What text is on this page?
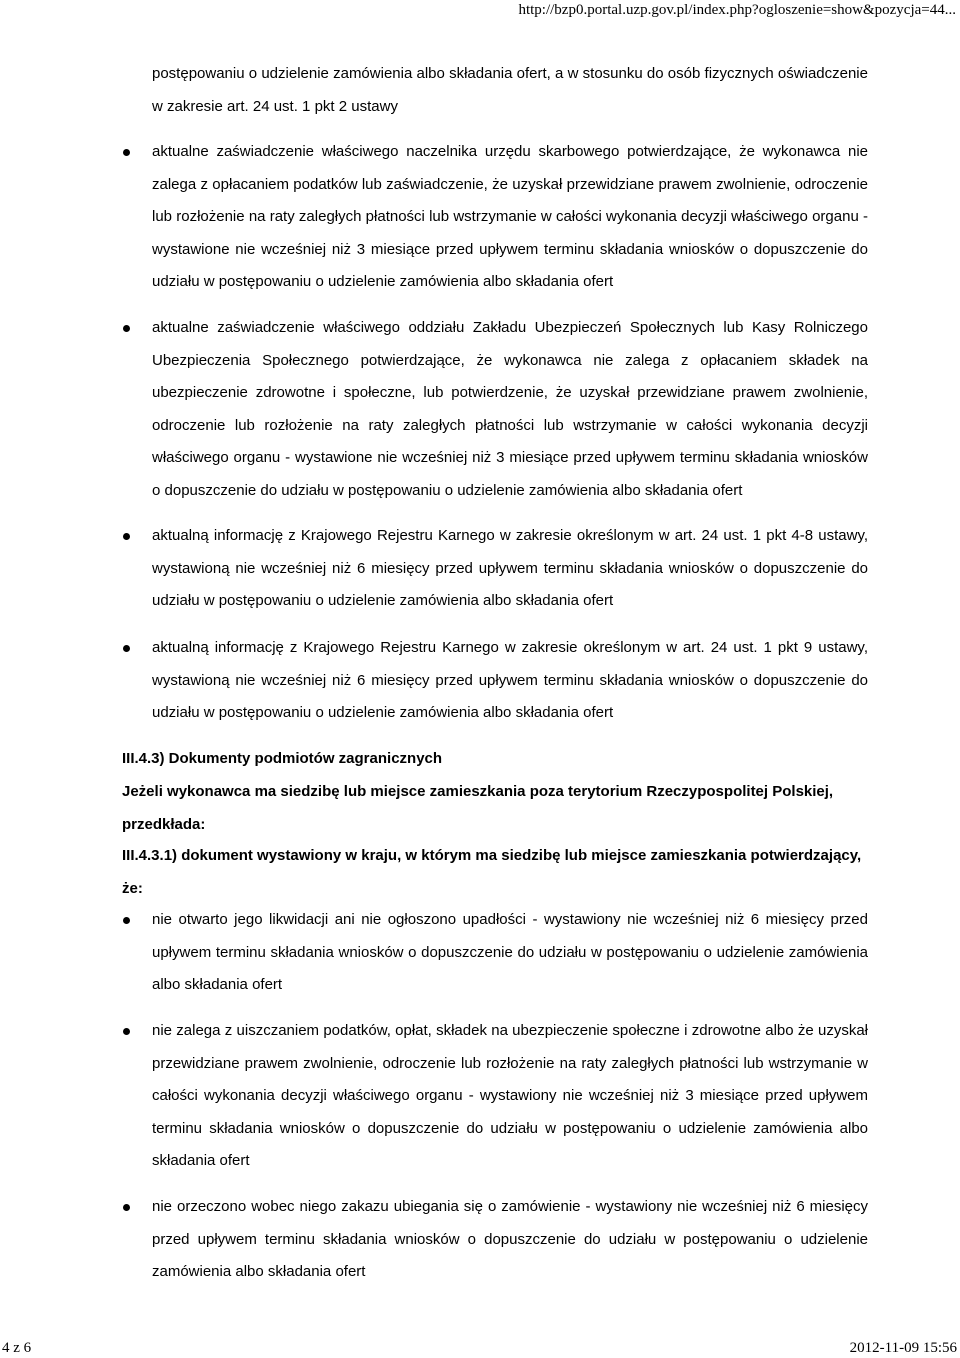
http://bzp0.portal.uzp.gov.pl/index.php?ogloszenie=show&pozycja=44...
postępowaniu o udzielenie zamówienia albo składania ofert, a w stosunku do osób fizycznych oświadczenie w zakresie art. 24 ust. 1 pkt 2 ustawy
aktualne zaświadczenie właściwego naczelnika urzędu skarbowego potwierdzające, że wykonawca nie zalega z opłacaniem podatków lub zaświadczenie, że uzyskał przewidziane prawem zwolnienie, odroczenie lub rozłożenie na raty zaległych płatności lub wstrzymanie w całości wykonania decyzji właściwego organu - wystawione nie wcześniej niż 3 miesiące przed upływem terminu składania wniosków o dopuszczenie do udziału w postępowaniu o udzielenie zamówienia albo składania ofert
aktualne zaświadczenie właściwego oddziału Zakładu Ubezpieczeń Społecznych lub Kasy Rolniczego Ubezpieczenia Społecznego potwierdzające, że wykonawca nie zalega z opłacaniem składek na ubezpieczenie zdrowotne i społeczne, lub potwierdzenie, że uzyskał przewidziane prawem zwolnienie, odroczenie lub rozłożenie na raty zaległych płatności lub wstrzymanie w całości wykonania decyzji właściwego organu - wystawione nie wcześniej niż 3 miesiące przed upływem terminu składania wniosków o dopuszczenie do udziału w postępowaniu o udzielenie zamówienia albo składania ofert
aktualną informację z Krajowego Rejestru Karnego w zakresie określonym w art. 24 ust. 1 pkt 4-8 ustawy, wystawioną nie wcześniej niż 6 miesięcy przed upływem terminu składania wniosków o dopuszczenie do udziału w postępowaniu o udzielenie zamówienia albo składania ofert
aktualną informację z Krajowego Rejestru Karnego w zakresie określonym w art. 24 ust. 1 pkt 9 ustawy, wystawioną nie wcześniej niż 6 miesięcy przed upływem terminu składania wniosków o dopuszczenie do udziału w postępowaniu o udzielenie zamówienia albo składania ofert
III.4.3) Dokumenty podmiotów zagranicznych
Jeżeli wykonawca ma siedzibę lub miejsce zamieszkania poza terytorium Rzeczypospolitej Polskiej, przedkłada:
III.4.3.1) dokument wystawiony w kraju, w którym ma siedzibę lub miejsce zamieszkania potwierdzający, że:
nie otwarto jego likwidacji ani nie ogłoszono upadłości - wystawiony nie wcześniej niż 6 miesięcy przed upływem terminu składania wniosków o dopuszczenie do udziału w postępowaniu o udzielenie zamówienia albo składania ofert
nie zalega z uiszczaniem podatków, opłat, składek na ubezpieczenie społeczne i zdrowotne albo że uzyskał przewidziane prawem zwolnienie, odroczenie lub rozłożenie na raty zaległych płatności lub wstrzymanie w całości wykonania decyzji właściwego organu - wystawiony nie wcześniej niż 3 miesiące przed upływem terminu składania wniosków o dopuszczenie do udziału w postępowaniu o udzielenie zamówienia albo składania ofert
nie orzeczono wobec niego zakazu ubiegania się o zamówienie - wystawiony nie wcześniej niż 6 miesięcy przed upływem terminu składania wniosków o dopuszczenie do udziału w postępowaniu o udzielenie zamówienia albo składania ofert
4 z 6	2012-11-09 15:56
